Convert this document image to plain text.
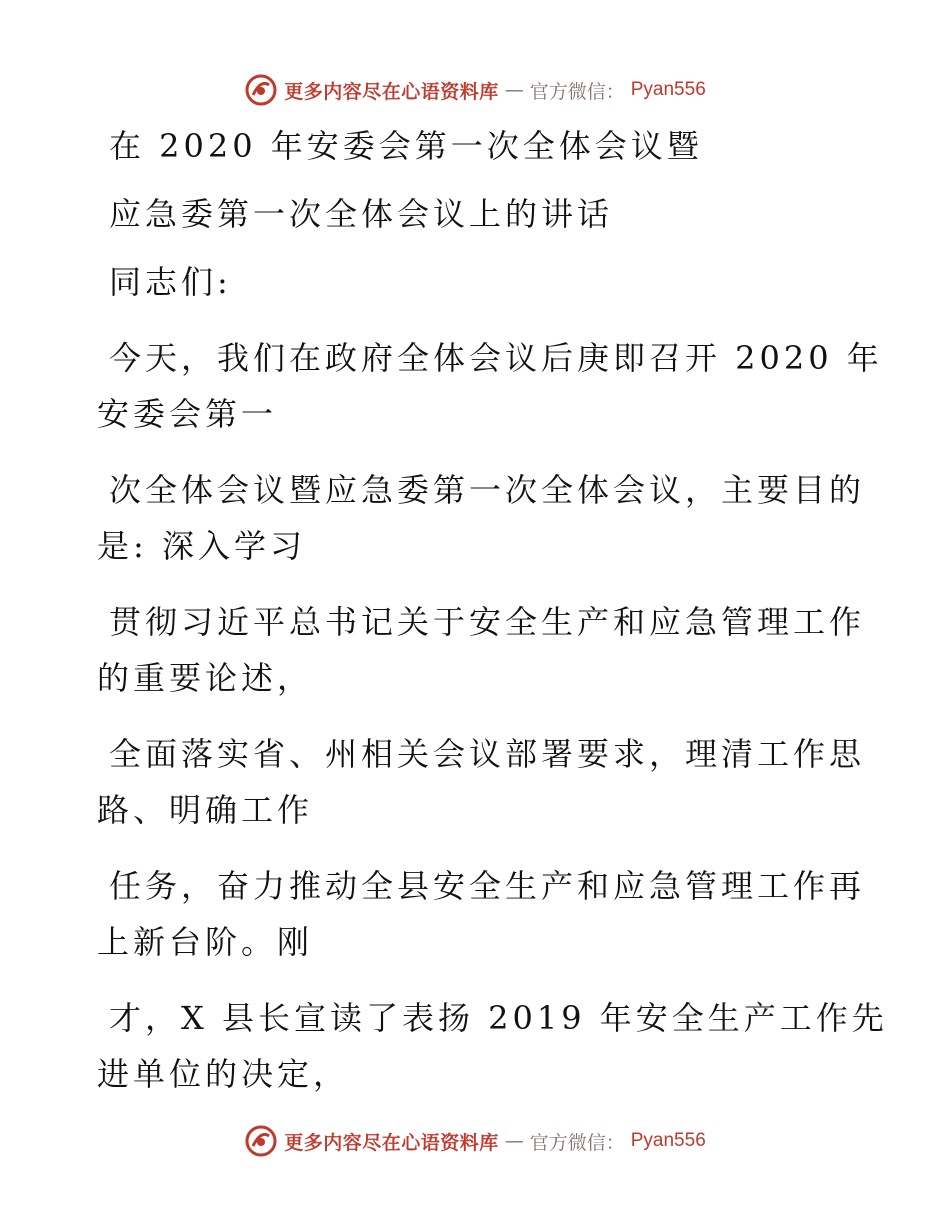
更多内容尽在心语资料库 — 官方微信： Pyan556
在 2020 年安委会第一次全体会议暨
应急委第一次全体会议上的讲话
同志们:
今天，我们在政府全体会议后庚即召开 2020 年
安委会第一
次全体会议暨应急委第一次全体会议，主要目的
是: 深入学习
贯彻习近平总书记关于安全生产和应急管理工作
的重要论述，
全面落实省、州相关会议部署要求，理清工作思
路、明确工作
任务，奋力推动全县安全生产和应急管理工作再
上新台阶。刚
才，X 县长宣读了表扬 2019 年安全生产工作先
进单位的决定，
更多内容尽在心语资料库 — 官方微信： Pyan556
